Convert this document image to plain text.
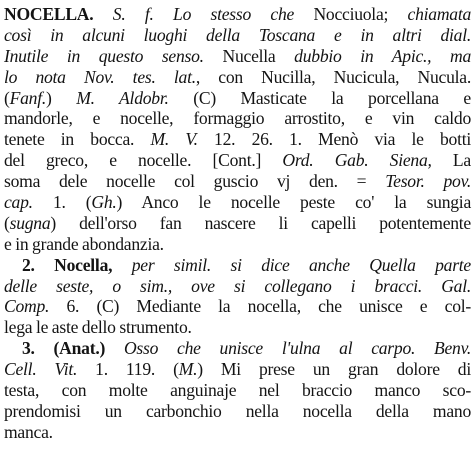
NOCELLA. S. f. Lo stesso che Nocciuola; chiamata
così in alcuni luoghi della Toscana e in altri dial.
Inutile in questo senso. Nucella dubbio in Apic., ma
lo nota Nov. tes. lat., con Nucilla, Nucicula, Nucula.
(Fanf.) M. Aldobr. (C) Masticate la porcellana e
mandorle, e nocelle, formaggio arrostito, e vin caldo
tenete in bocca. M. V. 12. 26. 1. Menò via le botti
del greco, e nocelle. [Cont.] Ord. Gab. Siena, La
soma dele nocelle col guscio vj den. = Tesor. pov.
cap. 1. (Gh.) Anco le nocelle peste co' la sungia
(sugna) dell'orso fan nascere li capelli potentemente
e in grande abondanzia.
2. Nocella, per simil. si dice anche Quella parte
delle seste, o sim., ove si collegano i bracci. Gal.
Comp. 6. (C) Mediante la nocella, che unisce e col-
lega le aste dello strumento.
3. (Anat.) Osso che unisce l'ulna al carpo. Benv.
Cell. Vit. 1. 119. (M.) Mi prese un gran dolore di
testa, con molte anguinaje nel braccio manco sco-
prendomisi un carbonchio nella nocella della mano
manca.
